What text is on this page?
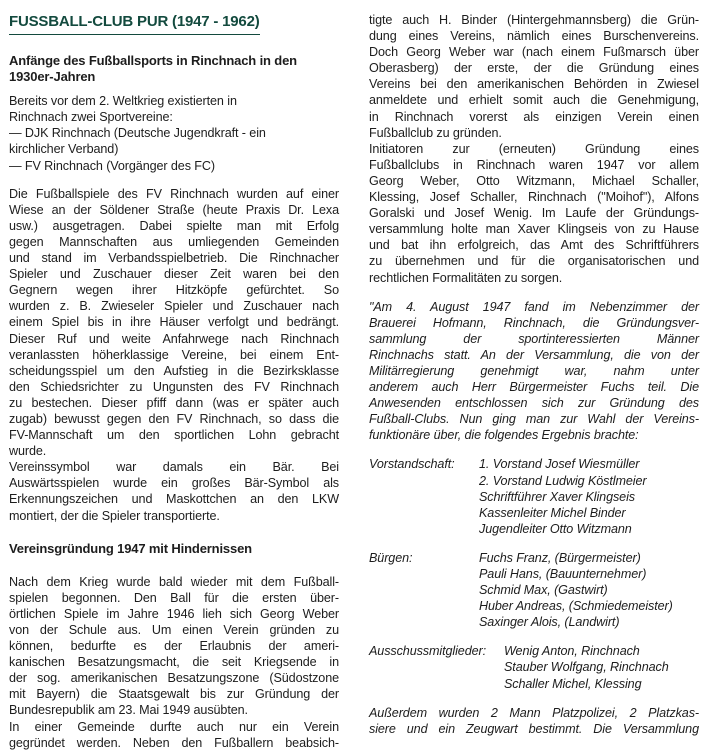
FUSSBALL-CLUB PUR (1947 - 1962)
Anfänge des Fußballsports in Rinchnach in den
1930er-Jahren
Bereits vor dem 2. Weltkrieg existierten in
Rinchnach zwei Sportvereine:
— DJK Rinchnach (Deutsche Jugendkraft - ein
kirchlicher Verband)
— FV Rinchnach (Vorgänger des FC)
Die Fußballspiele des FV Rinchnach wurden auf einer
Wiese an der Söldener Straße (heute Praxis Dr. Lexa
usw.) ausgetragen. Dabei spielte man mit Erfolg
gegen Mannschaften aus umliegenden Gemeinden
und stand im Verbandsspielbetrieb. Die Rinchnacher
Spieler und Zuschauer dieser Zeit waren bei den
Gegnern wegen ihrer Hitzköpfe gefürchtet. So
wurden z. B. Zwieseler Spieler und Zuschauer nach
einem Spiel bis in ihre Häuser verfolgt und bedrängt.
Dieser Ruf und weite Anfahrwege nach Rinchnach
veranlassten höherklassige Vereine, bei einem Ent-
scheidungsspiel um den Aufstieg in die Bezirksklasse
den Schiedsrichter zu Ungunsten des FV Rinchnach
zu bestechen. Dieser pfiff dann (was er später auch
zugab) bewusst gegen den FV Rinchnach, so dass die
FV-Mannschaft um den sportlichen Lohn gebracht
wurde.
Vereinssymbol war damals ein Bär. Bei
Auswärtsspielen wurde ein großes Bär-Symbol als
Erkennungszeichen und Maskottchen an den LKW
montiert, der die Spieler transportierte.
Vereinsgründung 1947 mit Hindernissen
Nach dem Krieg wurde bald wieder mit dem Fußball-
spielen begonnen. Den Ball für die ersten über-
örtlichen Spiele im Jahre 1946 lieh sich Georg Weber
von der Schule aus. Um einen Verein gründen zu
können, bedurfte es der Erlaubnis der ameri-
kanischen Besatzungsmacht, die seit Kriegsende in
der sog. amerikanischen Besatzungszone (Südostzone
mit Bayern) die Staatsgewalt bis zur Gründung der
Bundesrepublik am 23. Mai 1949 ausübten.
In einer Gemeinde durfte auch nur ein Verein
gegründet werden. Neben den Fußballern beabsich-
tigte auch H. Binder (Hintergehmannsberg) die Grün-
dung eines Vereins, nämlich eines Burschenvereins.
Doch Georg Weber war (nach einem Fußmarsch über
Oberasberg) der erste, der die Gründung eines
Vereins bei den amerikanischen Behörden in Zwiesel
anmeldete und erhielt somit auch die Genehmigung,
in Rinchnach vorerst als einzigen Verein einen
Fußballclub zu gründen.
Initiatoren zur (erneuten) Gründung eines
Fußballclubs in Rinchnach waren 1947 vor allem
Georg Weber, Otto Witzmann, Michael Schaller,
Klessing, Josef Schaller, Rinchnach ("Moihof"), Alfons
Goralski und Josef Wenig. Im Laufe der Gründungs-
versammlung holte man Xaver Klingseis von zu Hause
und bat ihn erfolgreich, das Amt des Schriftführers
zu übernehmen und für die organisatorischen und
rechtlichen Formalitäten zu sorgen.
"Am 4. August 1947 fand im Nebenzimmer der
Brauerei Hofmann, Rinchnach, die Gründungsver-
sammlung der sportinteressierten Männer
Rinchnachs statt. An der Versammlung, die von der
Militärregierung genehmigt war, nahm unter
anderem auch Herr Bürgermeister Fuchs teil. Die
Anwesenden entschlossen sich zur Gründung des
Fußball-Clubs. Nun ging man zur Wahl der Vereins-
funktionäre über, die folgendes Ergebnis brachte:
Vorstandschaft:	1. Vorstand Josef Wiesmüller
2. Vorstand Ludwig Köstlmeier
Schriftführer Xaver Klingseis
Kassenleiter Michel Binder
Jugendleiter Otto Witzmann
Bürgen:	Fuchs Franz, (Bürgermeister)
Pauli Hans, (Bauunternehmer)
Schmid Max, (Gastwirt)
Huber Andreas, (Schmiedemeister)
Saxinger Alois, (Landwirt)
Ausschussmitglieder:	Wenig Anton, Rinchnach
Stauber Wolfgang, Rinchnach
Schaller Michel, Klessing
Außerdem wurden 2 Mann Platzpolizei, 2 Platzkas-
siere und ein Zeugwart bestimmt. Die Versammlung
